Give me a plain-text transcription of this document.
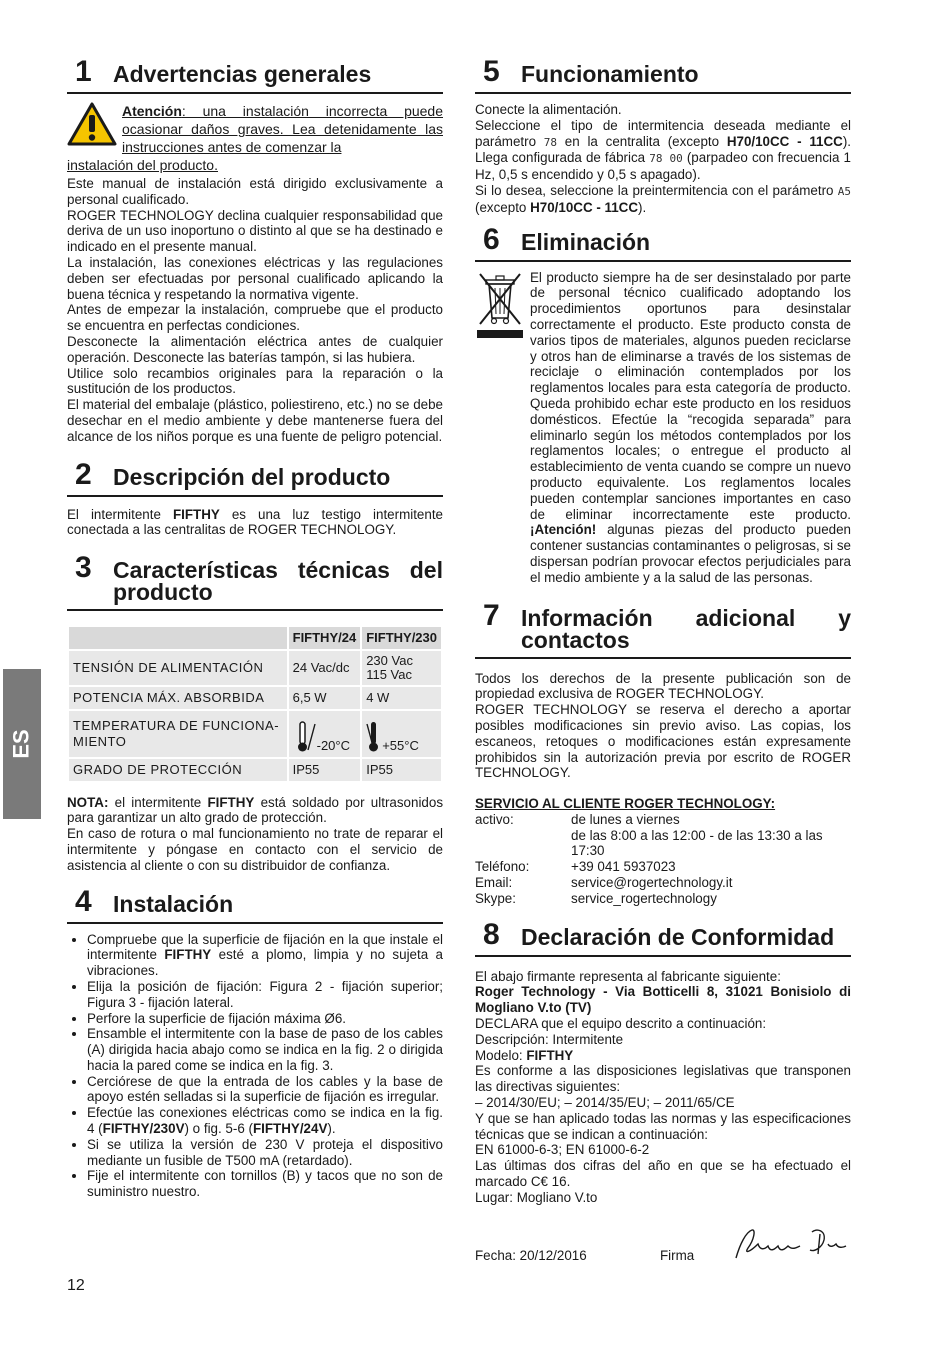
ES
1 Advertencias generales
Atención: una instalación incorrecta puede ocasionar daños graves. Lea detenidamente las instrucciones antes de comenzar la
instalación del producto.

Este manual de instalación está dirigido exclusivamente a personal cualificado.

ROGER TECHNOLOGY declina cualquier responsabilidad que deriva de un uso inoportuno o distinto al que se ha destinado e indicado en el presente manual.

La instalación, las conexiones eléctricas y las regulaciones deben ser efectuadas por personal cualificado aplicando la buena técnica y respetando la normativa vigente.

Antes de empezar la instalación, compruebe que el producto se encuentra en perfectas condiciones.

Desconecte la alimentación eléctrica antes de cualquier operación. Desconecte las baterías tampón, si las hubiera.

Utilice solo recambios originales para la reparación o la sustitución de los productos.

El material del embalaje (plástico, poliestireno, etc.) no se debe desechar en el medio ambiente y debe mantenerse fuera del alcance de los niños porque es una fuente de peligro potencial.

2 Descripción del producto

El intermitente FIFTHY es una luz testigo intermitente conectada a las centralitas de ROGER TECHNOLOGY.

3 Características técnicas del
producto
	FIFTHY/24	FIFTHY/230
TENSIÓN DE ALIMENTACIÓN	24 Vac/dc	230 Vac
115 Vac
POTENCIA MÁX. ABSORBIDA	6,5 W	4 W
TEMPERATURA DE FUNCIONA-MIENTO	-20°C	+55°C
GRADO DE PROTECCIÓN	IP55	IP55

NOTA: el intermitente FIFTHY está soldado por ultrasonidos para garantizar un alto grado de protección.

En caso de rotura o mal funcionamiento no trate de reparar el intermitente y póngase en contacto con el servicio de asistencia al cliente o con su distribuidor de confianza.

4 Instalación
• Compruebe que la superficie de fijación en la que instale el intermitente FIFTHY esté a plomo, limpia y no sujeta a vibraciones.
• Elija la posición de fijación: Figura 2 - fijación superior; Figura 3 - fijación lateral.
• Perfore la superficie de fijación máxima Ø6.
• Ensamble el intermitente con la base de paso de los cables (A) dirigida hacia abajo como se indica en la fig. 2 o dirigida hacia la pared come se indica en la fig. 3.
• Cerciórese de que la entrada de los cables y la base de apoyo estén selladas si la superficie de fijación es irregular.
• Efectúe las conexiones eléctricas como se indica en la fig. 4 (FIFTHY/230V) o fig. 5-6 (FIFTHY/24V).
• Si se utiliza la versión de 230 V proteja el dispositivo mediante un fusible de T500 mA (retardado).
• Fije el intermitente con tornillos (B) y tacos que no son de suministro nuestro.
5 Funcionamiento

Conecte la alimentación.

Seleccione el tipo de intermitencia deseada mediante el parámetro 78 en la centralita (excepto H70/10CC - 11CC). Llega configurada de fábrica 78 00 (parpadeo con frecuencia 1 Hz, 0,5 s encendido y 0,5 s apagado).

Si lo desea, seleccione la preintermitencia con el parámetro A5 (excepto H70/10CC - 11CC).

6 Eliminación

El producto siempre ha de ser desinstalado por parte de personal técnico cualificado adoptando los procedimientos oportunos para desinstalar correctamente el producto. Este producto consta de varios tipos de materiales, algunos pueden reciclarse y otros han de eliminarse a través de los sistemas de reciclaje o eliminación contemplados por los reglamentos locales para esta categoría de producto. Queda prohibido echar este producto en los residuos domésticos. Efectúe la “recogida separada” para eliminarlo según los métodos contemplados por los reglamentos locales; o entregue el producto al establecimiento de venta cuando se compre un nuevo producto equivalente. Los reglamentos locales pueden contemplar sanciones importantes en caso de eliminar incorrectamente este producto. ¡Atención! algunas piezas del producto pueden contener sustancias contaminantes o peligrosas, si se dispersan podrían provocar efectos perjudiciales para el medio ambiente y a la salud de las personas.

7 Información adicional y
contactos

Todos los derechos de la presente publicación son de propiedad exclusiva de ROGER TECHNOLOGY.

ROGER TECHNOLOGY se reserva el derecho a aportar posibles modificaciones sin previo aviso. Las copias, los escaneos, retoques o modificaciones están expresamente prohibidos sin la autorización previa por escrito de ROGER TECHNOLOGY.

SERVICIO AL CLIENTE ROGER TECHNOLOGY:
activo:	de lunes a viernes
de las 8:00 a las 12:00 - de las 13:30 a las 17:30
Teléfono:	+39 041 5937023
Email:	service@rogertechnology.it
Skype:	service_rogertechnology
8 Declaración de Conformidad

El abajo firmante representa al fabricante siguiente:

Roger Technology - Via Botticelli 8, 31021 Bonisiolo di Mogliano V.to (TV)

DECLARA que el equipo descrito a continuación:

Descripción: Intermitente

Modelo: FIFTHY

Es conforme a las disposiciones legislativas que transponen las directivas siguientes:

– 2014/30/EU; – 2014/35/EU; – 2011/65/CE

Y que se han aplicado todas las normas y las especificaciones técnicas que se indican a continuación:

EN 61000-6-3; EN 61000-6-2

Las últimas dos cifras del año en que se ha efectuado el marcado C€ 16.

Lugar: Mogliano V.to

Fecha: 20/12/2016	Firma
12
